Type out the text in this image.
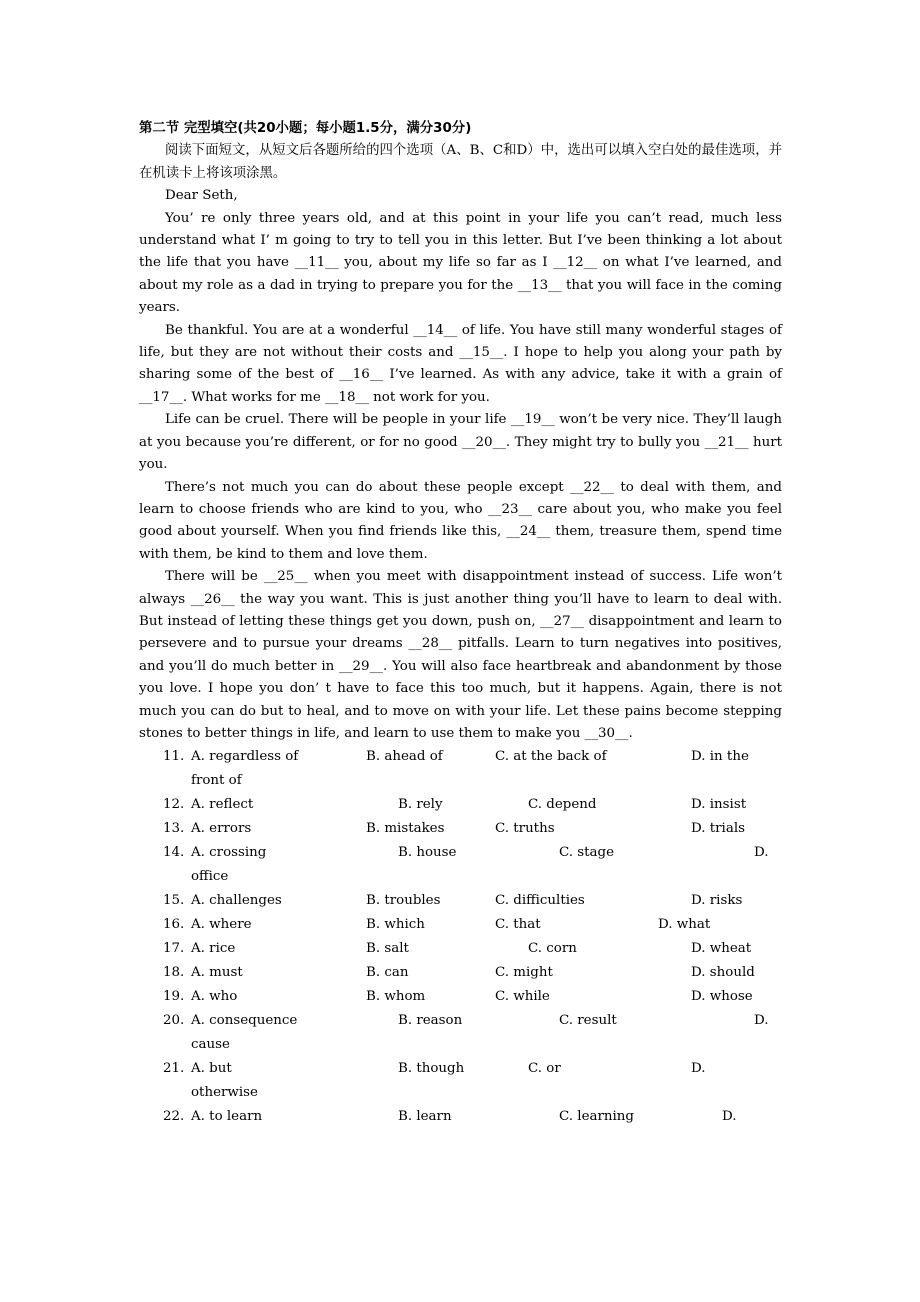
第二节 完型填空(共20小题；每小题1.5分，满分30分)

阅读下面短文，从短文后各题所给的四个选项（A、B、C和D）中，选出可以填入空白处的最佳选项，并在机读卡上将该项涂黑。

Dear Seth,

You’ re only three years old, and at this point in your life you can’t read, much less understand what I’ m going to try to tell you in this letter. But I’ve been thinking a lot about the life that you have __11__ you, about my life so far as I __12__ on what I’ve learned, and about my role as a dad in trying to prepare you for the __13__ that you will face in the coming years.

Be thankful. You are at a wonderful __14__ of life. You have still many wonderful stages of life, but they are not without their costs and __15__. I hope to help you along your path by sharing some of the best of __16__ I’ve learned. As with any advice, take it with a grain of __17__. What works for me __18__ not work for you.

Life can be cruel. There will be people in your life __19__ won’t be very nice. They’ll laugh at you because you’re different, or for no good __20__. They might try to bully you __21__ hurt you.

There’s not much you can do about these people except __22__ to deal with them, and learn to choose friends who are kind to you, who __23__ care about you, who make you feel good about yourself. When you find friends like this, __24__ them, treasure them, spend time with them, be kind to them and love them.

There will be __25__ when you meet with disappointment instead of success. Life won’t always __26__ the way you want. This is just another thing you’ll have to learn to deal with. But instead of letting these things get you down, push on, __27__ disappointment and learn to persevere and to pursue your dreams __28__ pitfalls. Learn to turn negatives into positives, and you’ll do much better in __29__. You will also face heartbreak and abandonment by those you love. I hope you don’ t have to face this too much, but it happens. Again, there is not much you can do but to heal, and to move on with your life. Let these pains become stepping stones to better things in life, and learn to use them to make you __30__.

11. A. regardless of	B. ahead of	C. at the back of	D. in the
front of
12. A. reflect	B. rely	C. depend	D. insist
13. A. errors	B. mistakes	C. truths	D. trials
14. A. crossing	B. house	C. stage	D.
office
15. A. challenges	B. troubles	C. difficulties	D. risks
16. A. where	B. which	C. that	D. what
17. A. rice	B. salt	C. corn	D. wheat
18. A. must	B. can	C. might	D. should
19. A. who	B. whom	C. while	D. whose
20. A. consequence	B. reason	C. result	D.
cause
21. A. but	B. though	C. or	D.
otherwise
22. A. to learn	B. learn	C. learning	D.
